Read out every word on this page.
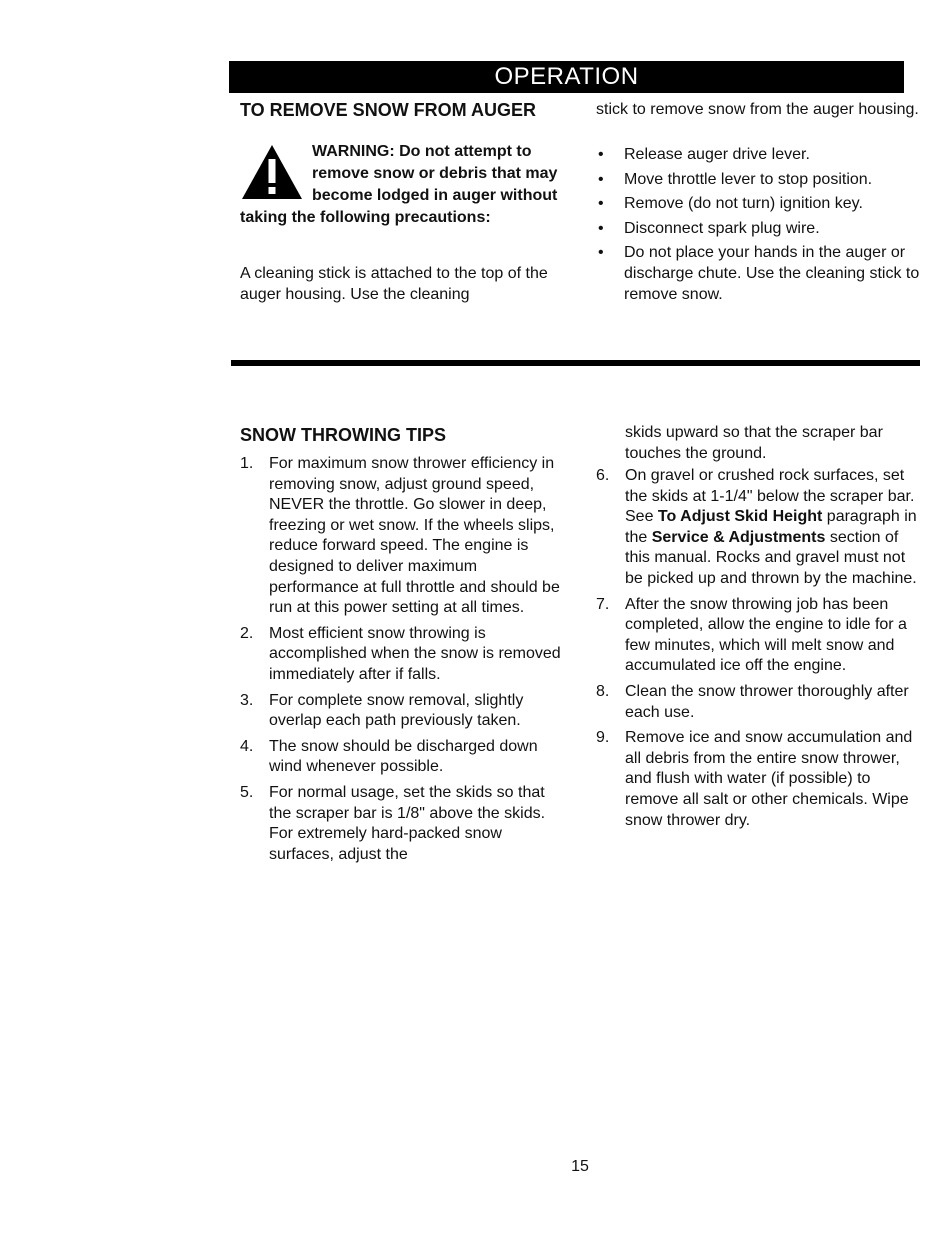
OPERATION
TO REMOVE SNOW FROM AUGER

WARNING: Do not attempt to remove snow or debris that may become lodged in auger without taking the following precautions:

A cleaning stick is attached to the top of the auger housing. Use the cleaning

stick to remove snow from the auger housing.

• Release auger drive lever.
• Move throttle lever to stop position.
• Remove (do not turn) ignition key.
• Disconnect spark plug wire.
• Do not place your hands in the auger or discharge chute. Use the cleaning stick to remove snow.
SNOW THROWING TIPS
1. For maximum snow thrower efficiency in removing snow, adjust ground speed, NEVER the throttle. Go slower in deep, freezing or wet snow. If the wheels slips, reduce forward speed. The engine is designed to deliver maximum performance at full throttle and should be run at this power setting at all times.
2. Most efficient snow throwing is accomplished when the snow is removed immediately after if falls.
3. For complete snow removal, slightly overlap each path previously taken.
4. The snow should be discharged down wind whenever possible.
5. For normal usage, set the skids so that the scraper bar is 1/8" above the skids. For extremely hard-packed snow surfaces, adjust the

skids upward so that the scraper bar touches the ground.

6. On gravel or crushed rock surfaces, set the skids at 1-1/4" below the scraper bar. See To Adjust Skid Height paragraph in the Service & Adjustments section of this manual. Rocks and gravel must not be picked up and thrown by the machine.
7. After the snow throwing job has been completed, allow the engine to idle for a few minutes, which will melt snow and accumulated ice off the engine.
8. Clean the snow thrower thoroughly after each use.
9. Remove ice and snow accumulation and all debris from the entire snow thrower, and flush with water (if possible) to remove all salt or other chemicals. Wipe snow thrower dry.
15
